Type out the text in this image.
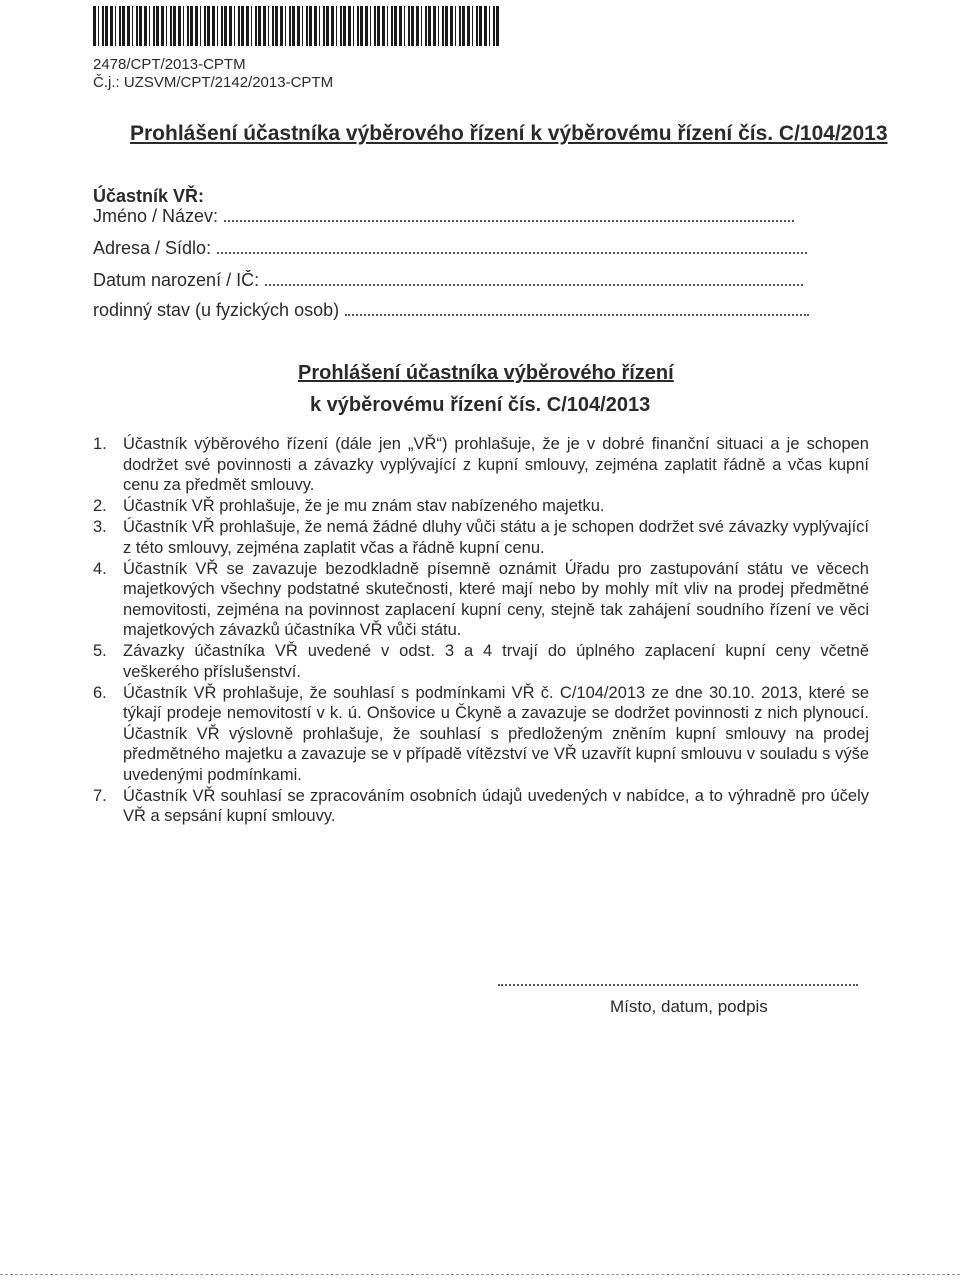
2478/CPT/2013-CPTM
Č.j.: UZSVM/CPT/2142/2013-CPTM
Prohlášení účastníka výběrového řízení k výběrovému řízení čís. C/104/2013
Účastník VŘ:
Jméno / Název:
Adresa / Sídlo:
Datum narození / IČ:
rodinný stav (u fyzických osob)
Prohlášení účastníka výběrového řízení
k výběrovému řízení čís. C/104/2013
1. Účastník výběrového řízení (dále jen „VŘ“) prohlašuje, že je v dobré finanční situaci a je schopen dodržet své povinnosti a závazky vyplývající z kupní smlouvy, zejména zaplatit řádně a včas kupní cenu za předmět smlouvy.
2. Účastník VŘ prohlašuje, že je mu znám stav nabízeného majetku.
3. Účastník VŘ prohlašuje, že nemá žádné dluhy vůči státu a je schopen dodržet své závazky vyplývající z této smlouvy, zejména zaplatit včas a řádně kupní cenu.
4. Účastník VŘ se zavazuje bezodkladně písemně oznámit Úřadu pro zastupování státu ve věcech majetkových všechny podstatné skutečnosti, které mají nebo by mohly mít vliv na prodej předmětné nemovitosti, zejména na povinnost zaplacení kupní ceny, stejně tak zahájení soudního řízení ve věci majetkových závazků účastníka VŘ vůči státu.
5. Závazky účastníka VŘ uvedené v odst. 3 a 4 trvají do úplného zaplacení kupní ceny včetně veškerého příslušenství.
6. Účastník VŘ prohlašuje, že souhlasí s podmínkami VŘ č. C/104/2013 ze dne 30.10. 2013, které se týkají prodeje nemovitostí v k. ú. Onšovice u Čkyně a zavazuje se dodržet povinnosti z nich plynoucí. Účastník VŘ výslovně prohlašuje, že souhlasí s předloženým zněním kupní smlouvy na prodej předmětného majetku a zavazuje se v případě vítězství ve VŘ uzavřít kupní smlouvu v souladu s výše uvedenými podmínkami.
7. Účastník VŘ souhlasí se zpracováním osobních údajů uvedených v nabídce, a to výhradně pro účely VŘ a sepsání kupní smlouvy.
Místo, datum, podpis
